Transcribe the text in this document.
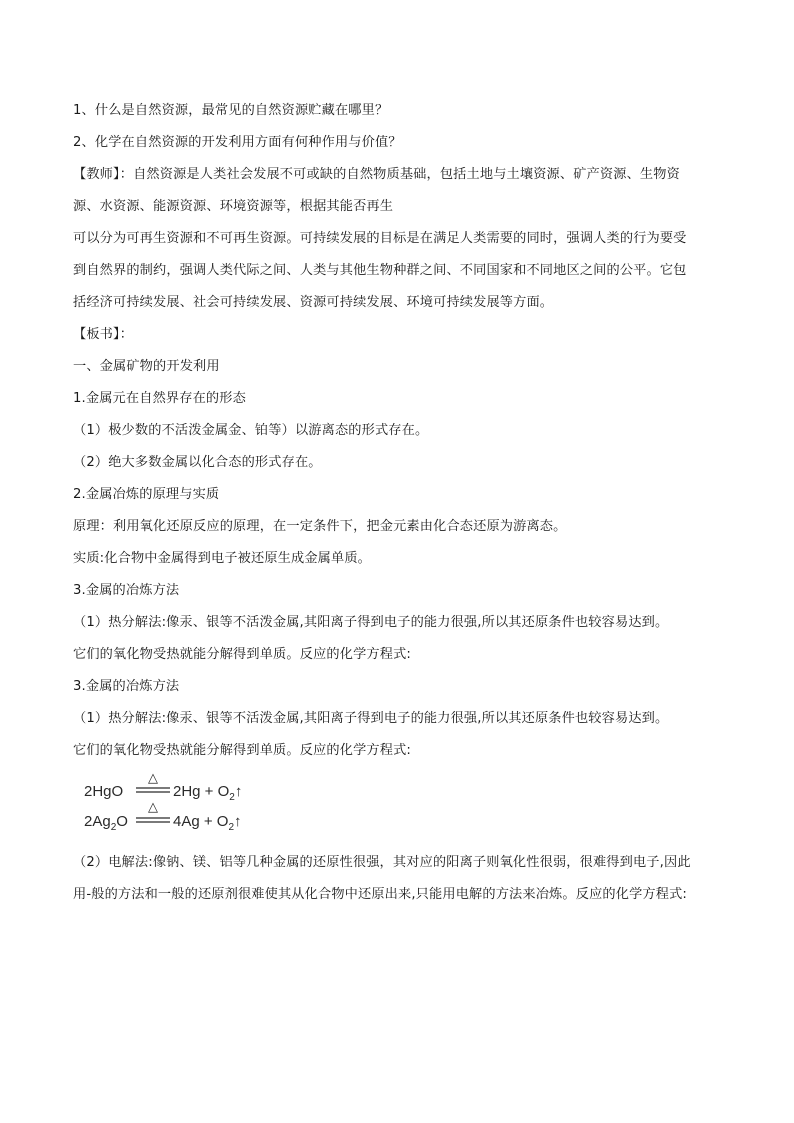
1、什么是自然资源，最常见的自然资源贮藏在哪里？
2、化学在自然资源的开发利用方面有何种作用与价值？
【教师】：自然资源是人类社会发展不可或缺的自然物质基础，包括土地与土壤资源、矿产资源、生物资
源、水资源、能源资源、环境资源等，根据其能否再生
可以分为可再生资源和不可再生资源。可持续发展的目标是在满足人类需要的同时，强调人类的行为要受
到自然界的制约，强调人类代际之间、人类与其他生物种群之间、不同国家和不同地区之间的公平。它包
括经济可持续发展、社会可持续发展、资源可持续发展、环境可持续发展等方面。
【板书】：
一、金属矿物的开发利用
1.金属元在自然界存在的形态
（1）极少数的不活泼金属金、铂等）以游离态的形式存在。
（2）绝大多数金属以化合态的形式存在。
2.金属冶炼的原理与实质
原理：利用氧化还原反应的原理，在一定条件下，把金元素由化合态还原为游离态。
实质:化合物中金属得到电子被还原生成金属单质。
3.金属的冶炼方法
（1）热分解法:像汞、银等不活泼金属,其阳离子得到电子的能力很强,所以其还原条件也较容易达到。
它们的氧化物受热就能分解得到单质。反应的化学方程式:
3.金属的冶炼方法
（1）热分解法:像汞、银等不活泼金属,其阳离子得到电子的能力很强,所以其还原条件也较容易达到。
它们的氧化物受热就能分解得到单质。反应的化学方程式:
△
2HgO	$2Hg + O_2↑$
△
$2Ag_2O$	$4Ag + O_2↑$
（2）电解法:像钠、镁、铝等几种金属的还原性很强，其对应的阳离子则氧化性很弱，很难得到电子,因此
用-般的方法和一般的还原剂很难使其从化合物中还原出来,只能用电解的方法来冶炼。反应的化学方程式:
